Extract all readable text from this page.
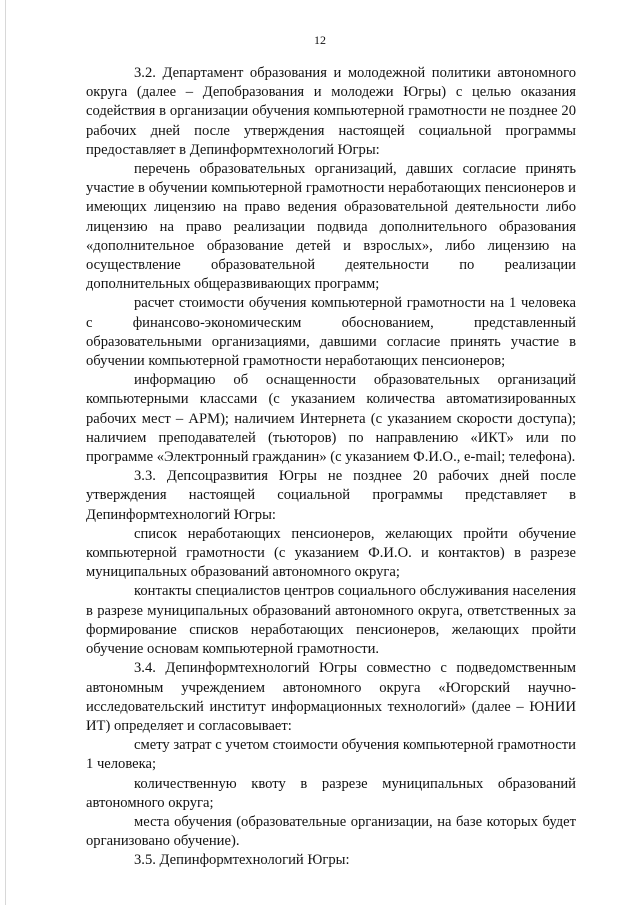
12

3.2. Департамент образования и молодежной политики автономного округа (далее – Депобразования и молодежи Югры) с целью оказания содействия в организации обучения компьютерной грамотности не позднее 20 рабочих дней после утверждения настоящей социальной программы предоставляет в Депинформтехнологий Югры:

перечень образовательных организаций, давших согласие принять участие в обучении компьютерной грамотности неработающих пенсионеров и имеющих лицензию на право ведения образовательной деятельности либо лицензию на право реализации подвида дополнительного образования «дополнительное образование детей и взрослых», либо лицензию на осуществление образовательной деятельности по реализации дополнительных общеразвивающих программ;

расчет стоимости обучения компьютерной грамотности на 1 человека с финансово-экономическим обоснованием, представленный образовательными организациями, давшими согласие принять участие в обучении компьютерной грамотности неработающих пенсионеров;

информацию об оснащенности образовательных организаций компьютерными классами (с указанием количества автоматизированных рабочих мест – АРМ); наличием Интернета (с указанием скорости доступа); наличием преподавателей (тьюторов) по направлению «ИКТ» или по программе «Электронный гражданин» (с указанием Ф.И.О., e-mail; телефона).

3.3. Депсоцразвития Югры не позднее 20 рабочих дней после утверждения настоящей социальной программы представляет в Депинформтехнологий Югры:

список неработающих пенсионеров, желающих пройти обучение компьютерной грамотности (с указанием Ф.И.О. и контактов) в разрезе муниципальных образований автономного округа;

контакты специалистов центров социального обслуживания населения в разрезе муниципальных образований автономного округа, ответственных за формирование списков неработающих пенсионеров, желающих пройти обучение основам компьютерной грамотности.

3.4. Депинформтехнологий Югры совместно с подведомственным автономным учреждением автономного округа «Югорский научно-исследовательский институт информационных технологий» (далее – ЮНИИ ИТ) определяет и согласовывает:

смету затрат с учетом стоимости обучения компьютерной грамотности 1 человека;

количественную квоту в разрезе муниципальных образований автономного округа;

места обучения (образовательные организации, на базе которых будет организовано обучение).

3.5. Депинформтехнологий Югры:
